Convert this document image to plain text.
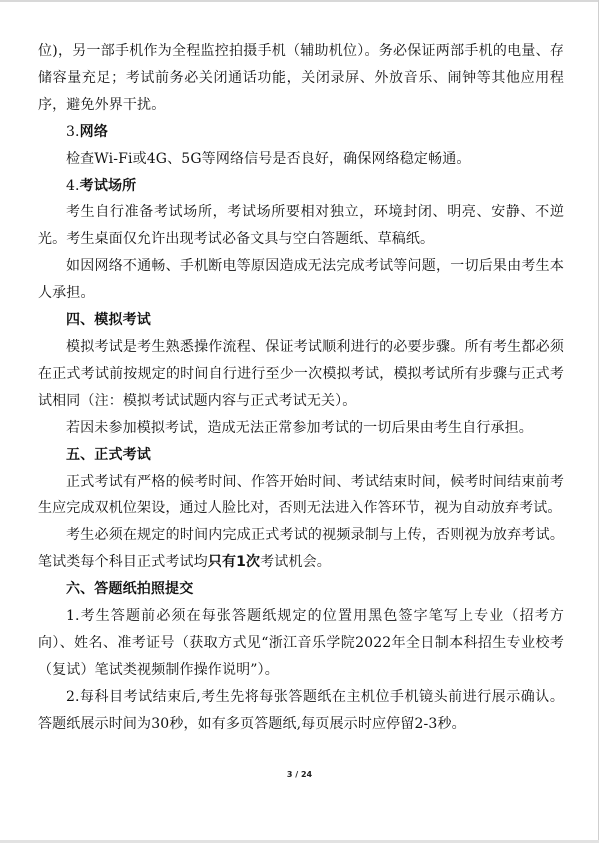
位)，另一部手机作为全程监控拍摄手机（辅助机位）。务必保证两部手机的电量、存储容量充足；考试前务必关闭通话功能，关闭录屏、外放音乐、闹钟等其他应用程序，避免外界干扰。

3.网络

检查Wi-Fi或4G、5G等网络信号是否良好，确保网络稳定畅通。

4.考试场所

考生自行准备考试场所，考试场所要相对独立，环境封闭、明亮、安静、不逆光。考生桌面仅允许出现考试必备文具与空白答题纸、草稿纸。

如因网络不通畅、手机断电等原因造成无法完成考试等问题，一切后果由考生本人承担。

四、模拟考试

模拟考试是考生熟悉操作流程、保证考试顺利进行的必要步骤。所有考生都必须在正式考试前按规定的时间自行进行至少一次模拟考试，模拟考试所有步骤与正式考试相同（注：模拟考试试题内容与正式考试无关）。

若因未参加模拟考试，造成无法正常参加考试的一切后果由考生自行承担。

五、正式考试

正式考试有严格的候考时间、作答开始时间、考试结束时间，候考时间结束前考生应完成双机位架设，通过人脸比对，否则无法进入作答环节，视为自动放弃考试。

考生必须在规定的时间内完成正式考试的视频录制与上传，否则视为放弃考试。笔试类每个科目正式考试均只有1次考试机会。

六、答题纸拍照提交

1.考生答题前必须在每张答题纸规定的位置用黑色签字笔写上专业（招考方向）、姓名、准考证号（获取方式见“浙江音乐学院2022年全日制本科招生专业校考（复试）笔试类视频制作操作说明”）。

2.每科目考试结束后,考生先将每张答题纸在主机位手机镜头前进行展示确认。答题纸展示时间为30秒，如有多页答题纸,每页展示时应停留2-3秒。

3 / 24
